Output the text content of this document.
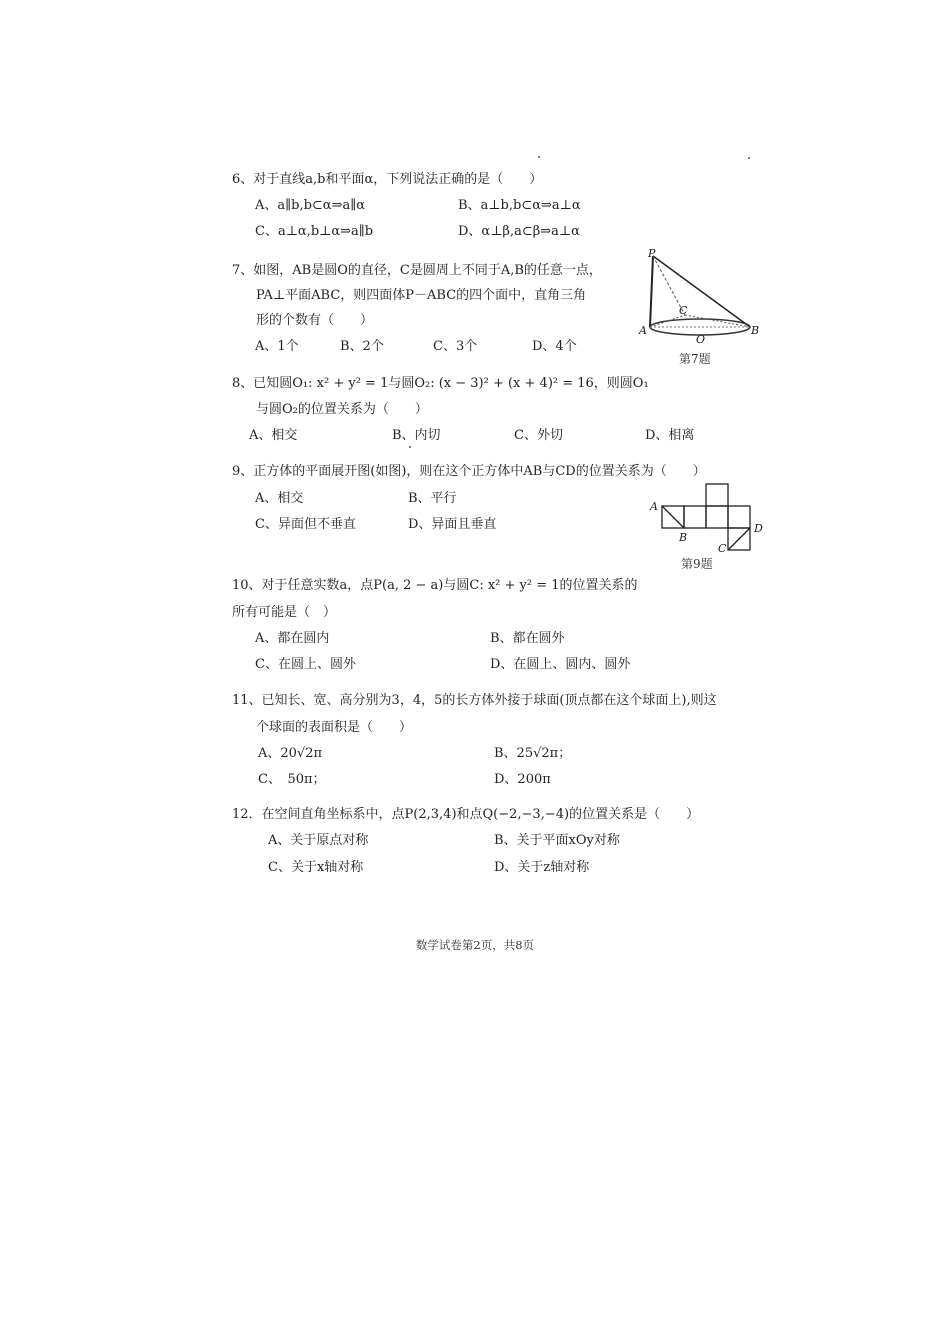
6、对于直线a,b和平面α，下列说法正确的是（　　）
A、a∥b,b⊂α⇒a∥α	B、a⊥b,b⊂α⇒a⊥α
C、a⊥α,b⊥α⇒a∥b	D、α⊥β,a⊂β⇒a⊥α
7、如图，AB是圆O的直径，C是圆周上不同于A,B的任意一点，
PA⊥平面ABC，则四面体P－ABC的四个面中，直角三角
形的个数有（　　）
A、1个	B、2个	C、3个	D、4个
P
A	B
C
O
第7题
8、已知圆O₁: x² + y² = 1与圆O₂: (x − 3)² + (x + 4)² = 16，则圆O₁
与圆O₂的位置关系为（　　）
A、相交	B、内切	C、外切	D、相离
9、正方体的平面展开图(如图)，则在这个正方体中AB与CD的位置关系为（　　）
A、相交	B、平行
C、异面但不垂直	D、异面且垂直
A
B
C
D
第9题
10、对于任意实数a，点P(a, 2 − a)与圆C: x² + y² = 1的位置关系的
所有可能是（　）
A、都在圆内	B、都在圆外
C、在圆上、圆外	D、在圆上、圆内、圆外
11、已知长、宽、高分别为3，4，5的长方体外接于球面(顶点都在这个球面上),则这
个球面的表面积是（　　）
A、20√2π	B、25√2π；
C、　50π；	D、200π
12．在空间直角坐标系中，点P(2,3,4)和点Q(−2,−3,−4)的位置关系是（　　）
A、关于原点对称	B、关于平面xOy对称
C、关于x轴对称	D、关于z轴对称
数学试卷第2页，共8页
